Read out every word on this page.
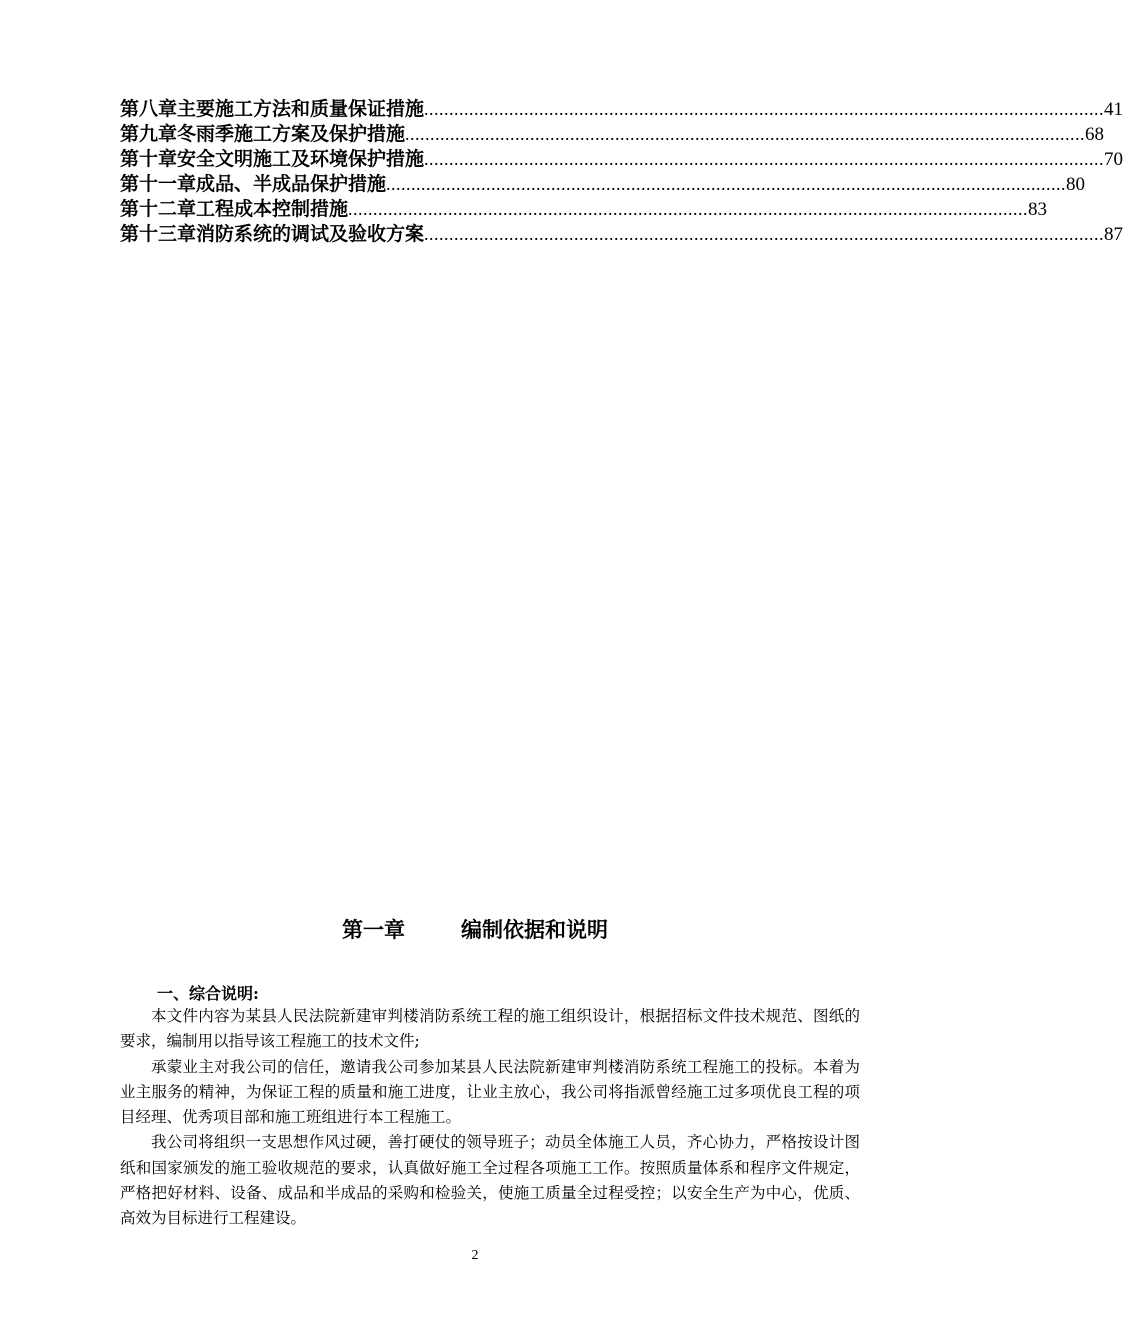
第八章 主要施工方法和质量保证措施 ........................................................................................................................................ 41
第九章 冬雨季施工方案及保护措施 ........................................................................................................................................ 68
第十章 安全文明施工及环境保护措施 ........................................................................................................................................ 70
第十一章 成品、半成品保护措施 ........................................................................................................................................ 80
第十二章 工程成本控制措施 ........................................................................................................................................ 83
第十三章 消防系统的调试及验收方案 ........................................................................................................................................ 87
第一章	编制依据和说明
一、综合说明:

本文件内容为某县人民法院新建审判楼消防系统工程的施工组织设计，根据招标文件技术规范、图纸的要求，编制用以指导该工程施工的技术文件;

承蒙业主对我公司的信任，邀请我公司参加某县人民法院新建审判楼消防系统工程施工的投标。本着为业主服务的精神，为保证工程的质量和施工进度，让业主放心，我公司将指派曾经施工过多项优良工程的项目经理、优秀项目部和施工班组进行本工程施工。

我公司将组织一支思想作风过硬，善打硬仗的领导班子；动员全体施工人员，齐心协力，严格按设计图纸和国家颁发的施工验收规范的要求，认真做好施工全过程各项施工工作。按照质量体系和程序文件规定，严格把好材料、设备、成品和半成品的采购和检验关，使施工质量全过程受控；以安全生产为中心，优质、高效为目标进行工程建设。

2
